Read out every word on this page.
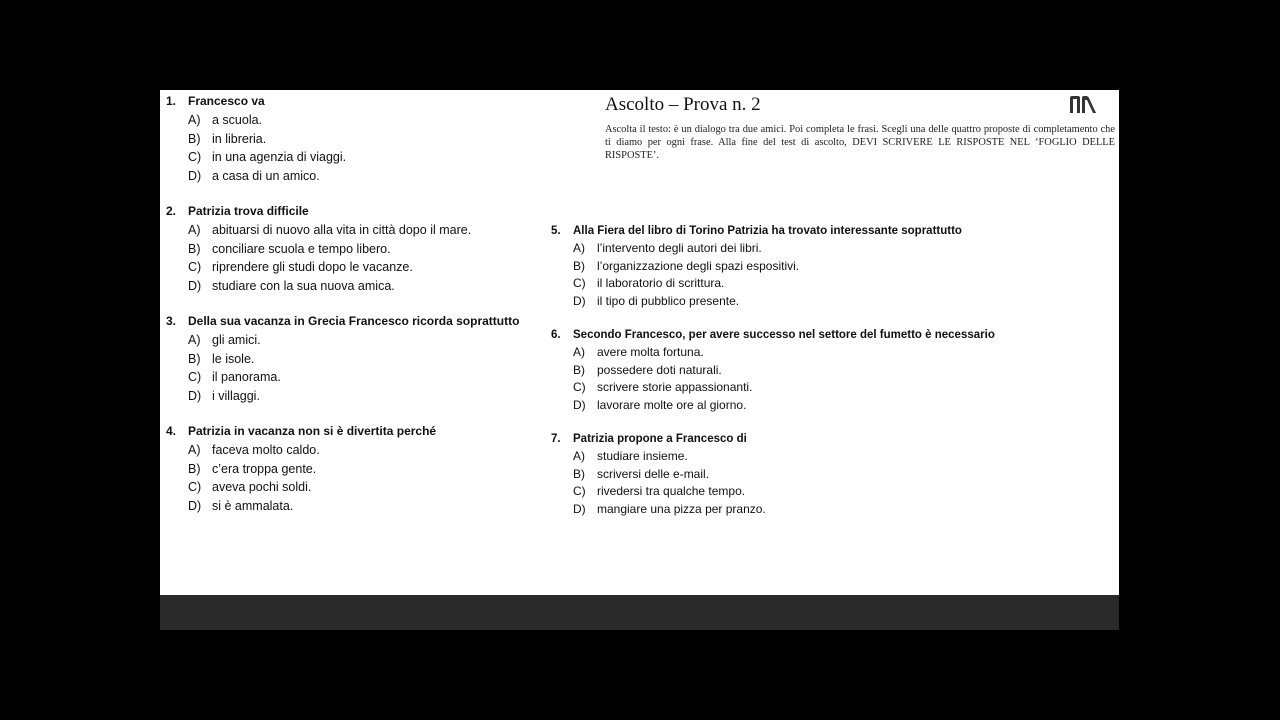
Ascolto – Prova n. 2
Ascolta il testo: è un dialogo tra due amici. Poi completa le frasi. Scegli una delle quattro proposte di completamento che ti diamo per ogni frase. Alla fine del test di ascolto, DEVI SCRIVERE LE RISPOSTE NEL ‘FOGLIO DELLE RISPOSTE’.
1. Francesco va
A) a scuola.
B) in libreria.
C) in una agenzia di viaggi.
D) a casa di un amico.
2. Patrizia trova difficile
A) abituarsi di nuovo alla vita in città dopo il mare.
B) conciliare scuola e tempo libero.
C) riprendere gli studi dopo le vacanze.
D) studiare con la sua nuova amica.
3. Della sua vacanza in Grecia Francesco ricorda soprattutto
A) gli amici.
B) le isole.
C) il panorama.
D) i villaggi.
4. Patrizia in vacanza non si è divertita perché
A) faceva molto caldo.
B) c’era troppa gente.
C) aveva pochi soldi.
D) si è ammalata.
5. Alla Fiera del libro di Torino Patrizia ha trovato interessante soprattutto
A) l’intervento degli autori dei libri.
B) l’organizzazione degli spazi espositivi.
C) il laboratorio di scrittura.
D) il tipo di pubblico presente.
6. Secondo Francesco, per avere successo nel settore del fumetto è necessario
A) avere molta fortuna.
B) possedere doti naturali.
C) scrivere storie appassionanti.
D) lavorare molte ore al giorno.
7. Patrizia propone a Francesco di
A) studiare insieme.
B) scriversi delle e-mail.
C) rivedersi tra qualche tempo.
D) mangiare una pizza per pranzo.
